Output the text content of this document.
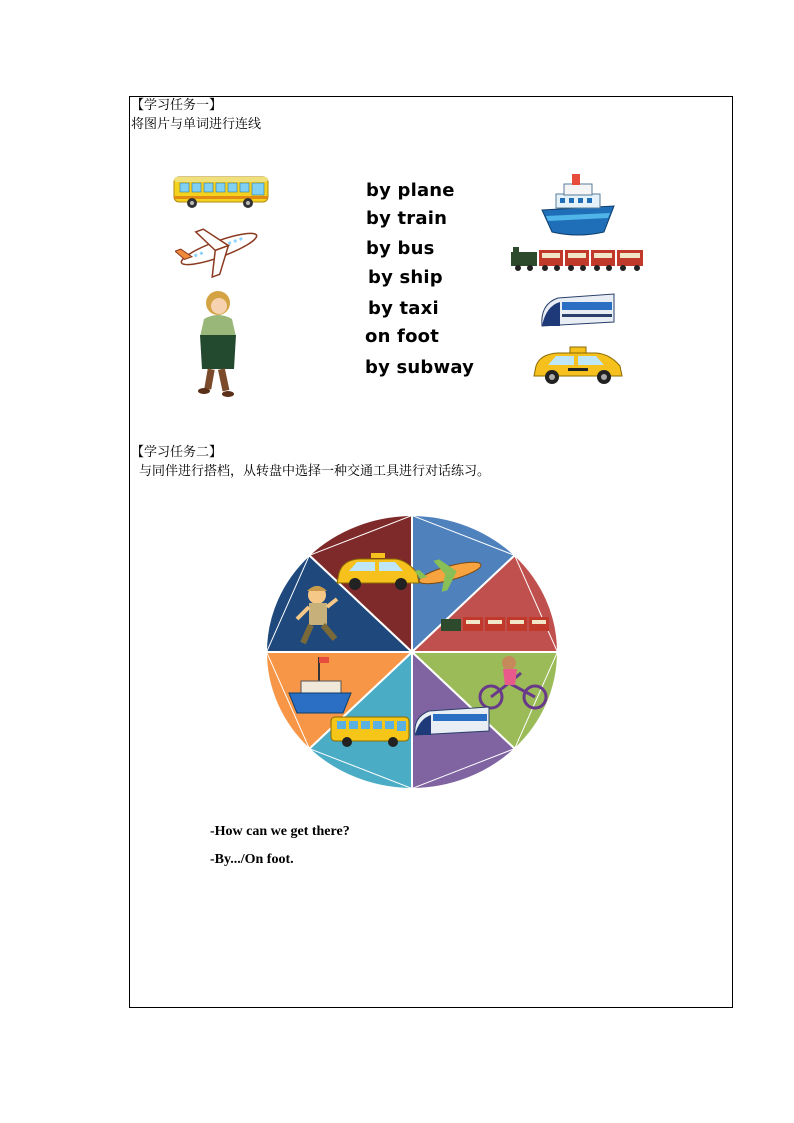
【学习任务一】
将图片与单词进行连线
by plane
by train
by bus
by ship
by taxi
on foot
by subway
【学习任务二】
与同伴进行搭档，从转盘中选择一种交通工具进行对话练习。
-How can we get there?
-By.../On foot.
